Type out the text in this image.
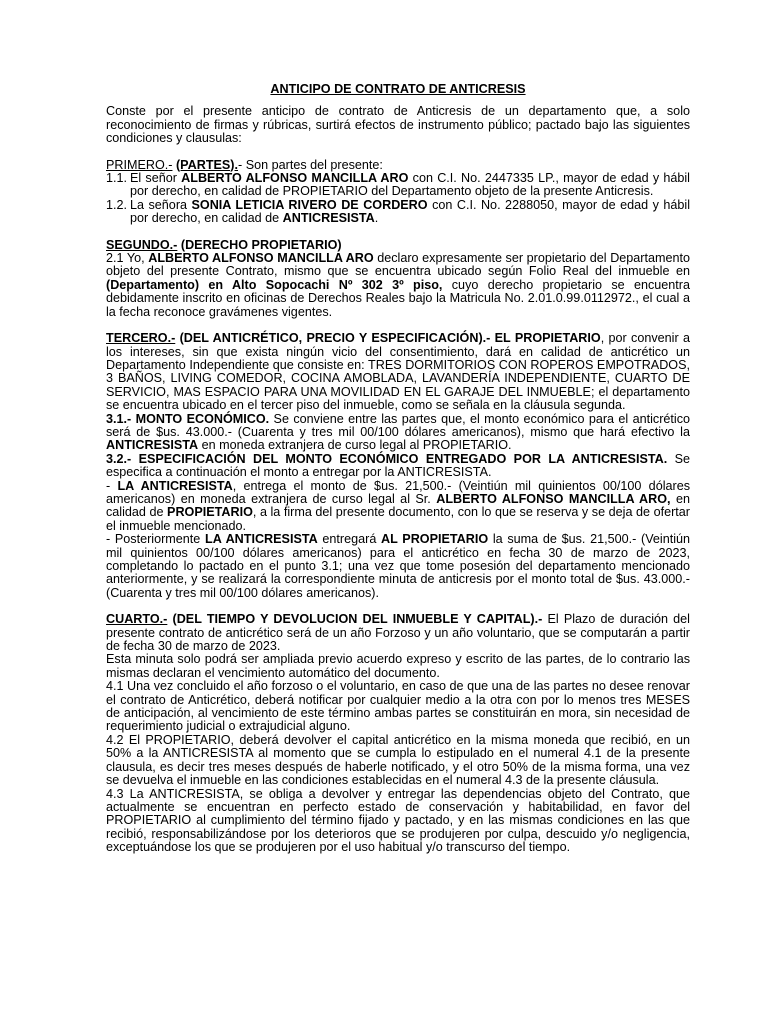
ANTICIPO DE CONTRATO DE ANTICRESIS

Conste por el presente anticipo de contrato de Anticresis de un departamento que, a solo reconocimiento de firmas y rúbricas, surtirá efectos de instrumento público; pactado bajo las siguientes condiciones y clausulas:

PRIMERO.- (PARTES).- Son partes del presente:

1.1. El señor ALBERTO ALFONSO MANCILLA ARO con C.I. No. 2447335 LP., mayor de edad y hábil por derecho, en calidad de PROPIETARIO del Departamento objeto de la presente Anticresis.
1.2. La señora SONIA LETICIA RIVERO DE CORDERO con C.I. No. 2288050, mayor de edad y hábil por derecho, en calidad de ANTICRESISTA.

SEGUNDO.- (DERECHO PROPIETARIO)

2.1 Yo, ALBERTO ALFONSO MANCILLA ARO declaro expresamente ser propietario del Departamento objeto del presente Contrato, mismo que se encuentra ubicado según Folio Real del inmueble en (Departamento) en Alto Sopocachi Nº 302 3º piso, cuyo derecho propietario se encuentra debidamente inscrito en oficinas de Derechos Reales bajo la Matricula No. 2.01.0.99.0112972., el cual a la fecha reconoce gravámenes vigentes.

TERCERO.- (DEL ANTICRÉTICO, PRECIO Y ESPECIFICACIÓN).- EL PROPIETARIO, por convenir a los intereses, sin que exista ningún vicio del consentimiento, dará en calidad de anticrético un Departamento Independiente que consiste en: TRES DORMITORIOS CON ROPEROS EMPOTRADOS, 3 BAÑOS, LIVING COMEDOR, COCINA AMOBLADA, LAVANDERÍA INDEPENDIENTE, CUARTO DE SERVICIO, MAS ESPACIO PARA UNA MOVILIDAD EN EL GARAJE DEL INMUEBLE; el departamento se encuentra ubicado en el tercer piso del inmueble, como se señala en la cláusula segunda.

3.1.- MONTO ECONÓMICO. Se conviene entre las partes que, el monto económico para el anticrético será de $us. 43.000.- (Cuarenta y tres mil 00/100 dólares americanos), mismo que hará efectivo la ANTICRESISTA en moneda extranjera de curso legal al PROPIETARIO.

3.2.- ESPECIFICACIÓN DEL MONTO ECONÓMICO ENTREGADO POR LA ANTICRESISTA. Se especifica a continuación el monto a entregar por la ANTICRESISTA.

- LA ANTICRESISTA, entrega el monto de $us. 21,500.- (Veintiún mil quinientos 00/100 dólares americanos) en moneda extranjera de curso legal al Sr. ALBERTO ALFONSO MANCILLA ARO, en calidad de PROPIETARIO, a la firma del presente documento, con lo que se reserva y se deja de ofertar el inmueble mencionado.

- Posteriormente LA ANTICRESISTA entregará AL PROPIETARIO la suma de $us. 21,500.- (Veintiún mil quinientos 00/100 dólares americanos) para el anticrético en fecha 30 de marzo de 2023, completando lo pactado en el punto 3.1; una vez que tome posesión del departamento mencionado anteriormente, y se realizará la correspondiente minuta de anticresis por el monto total de $us. 43.000.- (Cuarenta y tres mil 00/100 dólares americanos).

CUARTO.- (DEL TIEMPO Y DEVOLUCION DEL INMUEBLE Y CAPITAL).- El Plazo de duración del presente contrato de anticrético será de un año Forzoso y un año voluntario, que se computarán a partir de fecha 30 de marzo de 2023.

Esta minuta solo podrá ser ampliada previo acuerdo expreso y escrito de las partes, de lo contrario las mismas declaran el vencimiento automático del documento.

4.1 Una vez concluido el año forzoso o el voluntario, en caso de que una de las partes no desee renovar el contrato de Anticrético, deberá notificar por cualquier medio a la otra con por lo menos tres MESES de anticipación, al vencimiento de este término ambas partes se constituirán en mora, sin necesidad de requerimiento judicial o extrajudicial alguno.

4.2 El PROPIETARIO, deberá devolver el capital anticrético en la misma moneda que recibió, en un 50% a la ANTICRESISTA al momento que se cumpla lo estipulado en el numeral 4.1 de la presente clausula, es decir tres meses después de haberle notificado, y el otro 50% de la misma forma, una vez se devuelva el inmueble en las condiciones establecidas en el numeral 4.3 de la presente cláusula.

4.3 La ANTICRESISTA, se obliga a devolver y entregar las dependencias objeto del Contrato, que actualmente se encuentran en perfecto estado de conservación y habitabilidad, en favor del PROPIETARIO al cumplimiento del término fijado y pactado, y en las mismas condiciones en las que recibió, responsabilizándose por los deterioros que se produjeren por culpa, descuido y/o negligencia, exceptuándose los que se produjeren por el uso habitual y/o transcurso del tiempo.
